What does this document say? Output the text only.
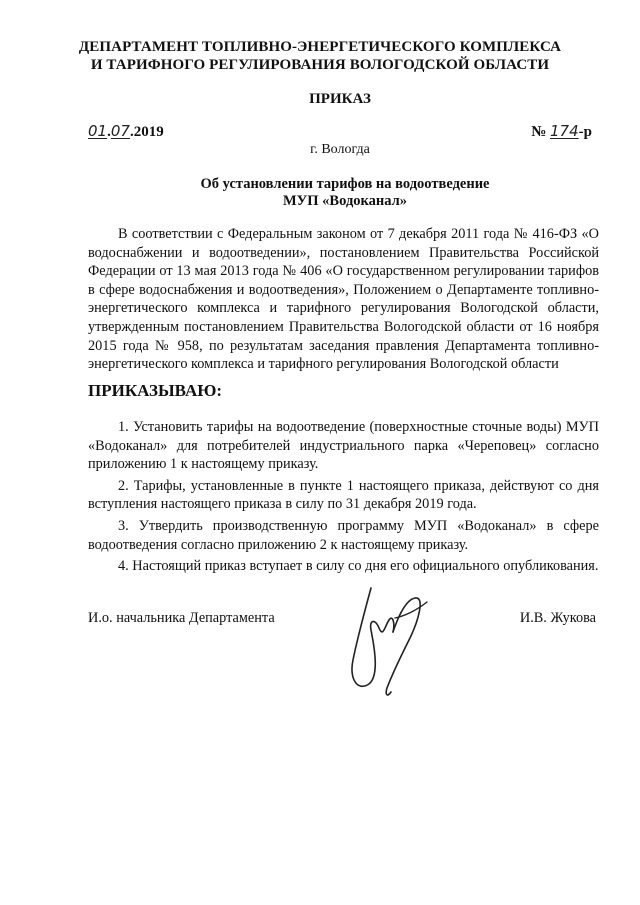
ДЕПАРТАМЕНТ ТОПЛИВНО-ЭНЕРГЕТИЧЕСКОГО КОМПЛЕКСА
И ТАРИФНОГО РЕГУЛИРОВАНИЯ ВОЛОГОДСКОЙ ОБЛАСТИ
ПРИКАЗ
01.07.2019	№ 174-р
г. Вологда
Об установлении тарифов на водоотведение
МУП «Водоканал»

В соответствии с Федеральным законом от 7 декабря 2011 года № 416-ФЗ «О водоснабжении и водоотведении», постановлением Правительства Российской Федерации от 13 мая 2013 года № 406 «О государственном регулировании тарифов в сфере водоснабжения и водоотведения», Положением о Департаменте топливно-энергетического комплекса и тарифного регулирования Вологодской области, утвержденным постановлением Правительства Вологодской области от 16 ноября 2015 года № 958, по результатам заседания правления Департамента топливно-энергетического комплекса и тарифного регулирования Вологодской области

ПРИКАЗЫВАЮ:

1. Установить тарифы на водоотведение (поверхностные сточные воды) МУП «Водоканал» для потребителей индустриального парка «Череповец» согласно приложению 1 к настоящему приказу.

2. Тарифы, установленные в пункте 1 настоящего приказа, действуют со дня вступления настоящего приказа в силу по 31 декабря 2019 года.

3. Утвердить производственную программу МУП «Водоканал» в сфере водоотведения согласно приложению 2 к настоящему приказу.

4. Настоящий приказ вступает в силу со дня его официального опубликования.

И.о. начальника Департамента	И.В. Жукова
